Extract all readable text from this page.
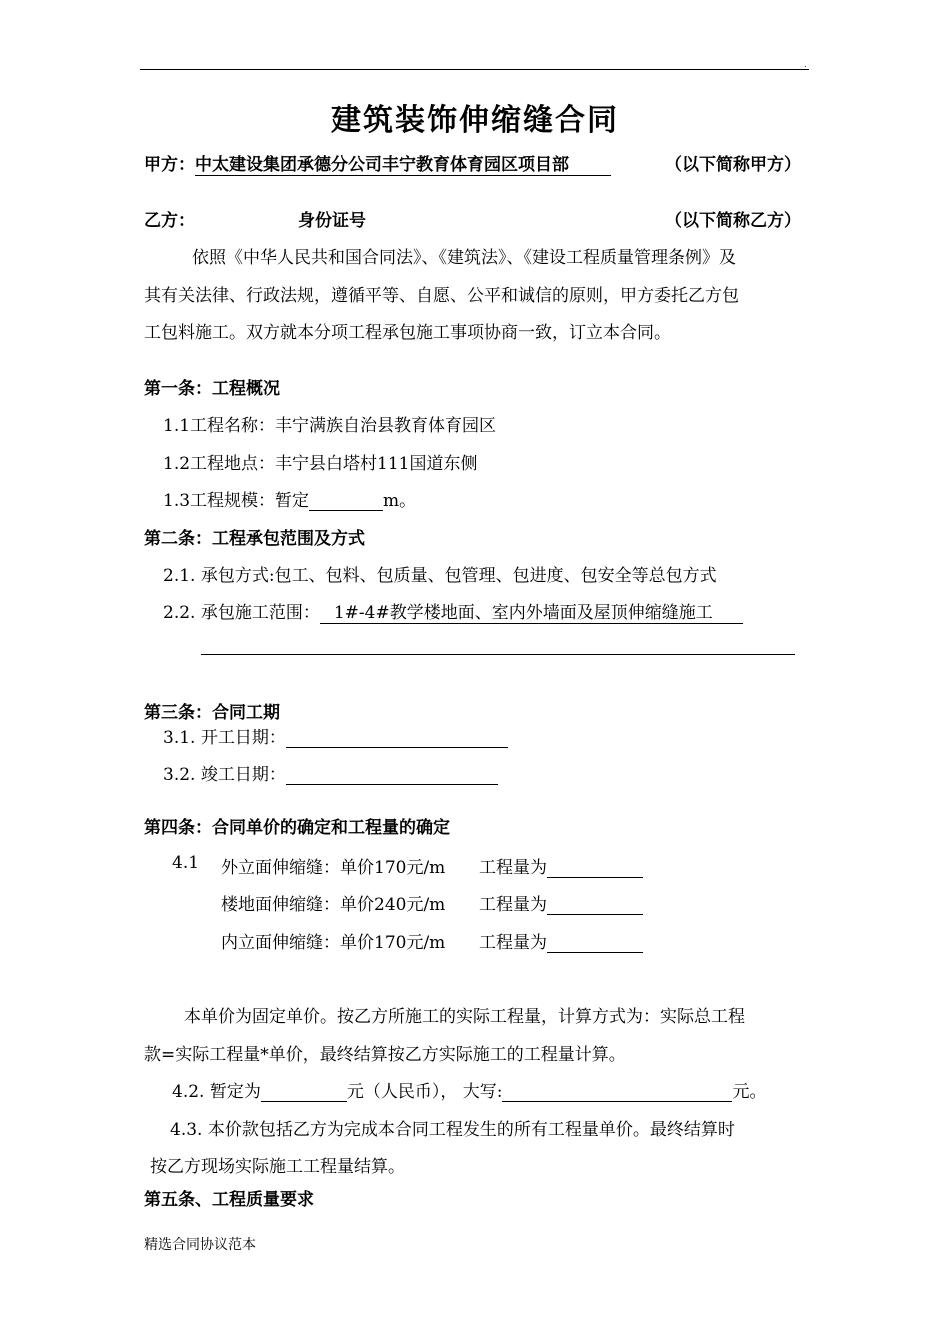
.
建筑装饰伸缩缝合同
甲方：中太建设集团承德分公司丰宁教育体育园区项目部	（以下简称甲方）
乙方：	身份证号	（以下简称乙方）
依照《中华人民共和国合同法》、《建筑法》、《建设工程质量管理条例》及
其有关法律、行政法规，遵循平等、自愿、公平和诚信的原则，甲方委托乙方包
工包料施工。双方就本分项工程承包施工事项协商一致，订立本合同。
第一条：工程概况
1.1工程名称：丰宁满族自治县教育体育园区
1.2工程地点：丰宁县白塔村111国道东侧
1.3工程规模：暂定	m。
第二条：工程承包范围及方式
2.1. 承包方式:包工、包料、包质量、包管理、包进度、包安全等总包方式
2.2. 承包施工范围： 1#-4#教学楼地面、室内外墙面及屋顶伸缩缝施工
第三条：合同工期
3.1. 开工日期：
3.2. 竣工日期：
第四条：合同单价的确定和工程量的确定
4.1 外立面伸缩缝：单价170元/m 工程量为
楼地面伸缩缝：单价240元/m 工程量为
内立面伸缩缝：单价170元/m 工程量为
本单价为固定单价。按乙方所施工的实际工程量，计算方式为：实际总工程
款=实际工程量*单价，最终结算按乙方实际施工的工程量计算。
4.2. 暂定为	元（人民币）， 大写:	元。
4.3. 本价款包括乙方为完成本合同工程发生的所有工程量单价。最终结算时
按乙方现场实际施工工程量结算。
第五条、工程质量要求
精选合同协议范本
